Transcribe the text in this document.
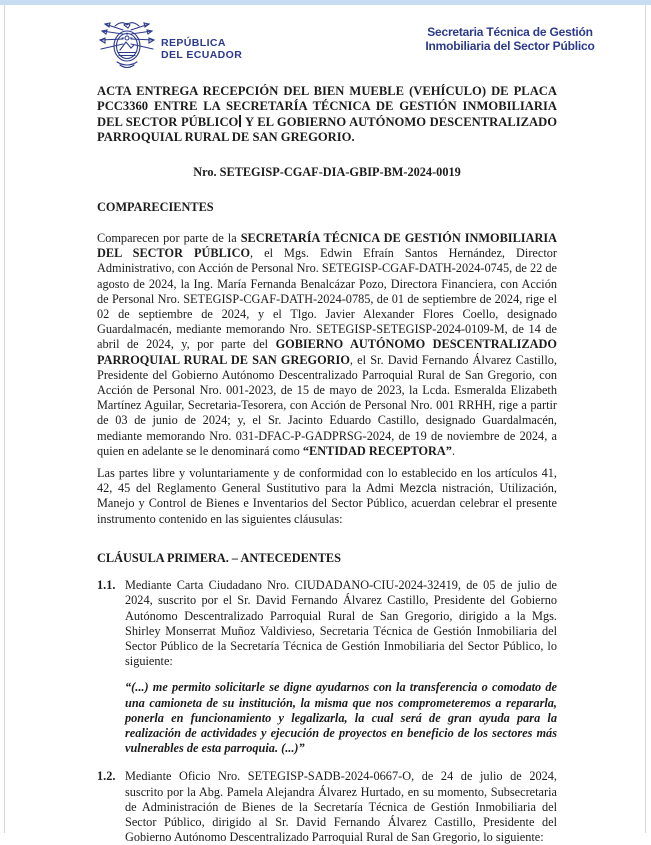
REPÚBLICA
DEL ECUADOR
Secretaria Técnica de Gestión
Inmobiliaria del Sector Público

ACTA ENTREGA RECEPCIÓN DEL BIEN MUEBLE (VEHÍCULO) DE PLACA PCC3360 ENTRE LA SECRETARÍA TÉCNICA DE GESTIÓN INMOBILIARIA DEL SECTOR PÚBLICO Y EL GOBIERNO AUTÓNOMO DESCENTRALIZADO PARROQUIAL RURAL DE SAN GREGORIO.

Nro. SETEGISP-CGAF-DIA-GBIP-BM-2024-0019

COMPARECIENTES

Comparecen por parte de la SECRETARÍA TÉCNICA DE GESTIÓN INMOBILIARIA DEL SECTOR PÚBLICO, el Mgs. Edwin Efraín Santos Hernández, Director Administrativo, con Acción de Personal Nro. SETEGISP-CGAF-DATH-2024-0745, de 22 de agosto de 2024, la Ing. María Fernanda Benalcázar Pozo, Directora Financiera, con Acción de Personal Nro. SETEGISP-CGAF-DATH-2024-0785, de 01 de septiembre de 2024, rige el 02 de septiembre de 2024, y el Tlgo. Javier Alexander Flores Coello, designado Guardalmacén, mediante memorando Nro. SETEGISP-SETEGISP-2024-0109-M, de 14 de abril de 2024, y, por parte del GOBIERNO AUTÓNOMO DESCENTRALIZADO PARROQUIAL RURAL DE SAN GREGORIO, el Sr. David Fernando Álvarez Castillo, Presidente del Gobierno Autónomo Descentralizado Parroquial Rural de San Gregorio, con Acción de Personal Nro. 001-2023, de 15 de mayo de 2023, la Lcda. Esmeralda Elizabeth Martínez Aguilar, Secretaria-Tesorera, con Acción de Personal Nro. 001 RRHH, rige a partir de 03 de junio de 2024; y, el Sr. Jacinto Eduardo Castillo, designado Guardalmacén, mediante memorando Nro. 031-DFAC-P-GADPRSG-2024, de 19 de noviembre de 2024, a quien en adelante se le denominará como “ENTIDAD RECEPTORA”.

Las partes libre y voluntariamente y de conformidad con lo establecido en los artículos 41, 42, 45 del Reglamento General Sustitutivo para la Admi Mezcla nistración, Utilización, Manejo y Control de Bienes e Inventarios del Sector Público, acuerdan celebrar el presente instrumento contenido en las siguientes cláusulas:

CLÁUSULA PRIMERA. – ANTECEDENTES

1.1. Mediante Carta Ciudadano Nro. CIUDADANO-CIU-2024-32419, de 05 de julio de 2024, suscrito por el Sr. David Fernando Álvarez Castillo, Presidente del Gobierno Autónomo Descentralizado Parroquial Rural de San Gregorio, dirigido a la Mgs. Shirley Monserrat Muñoz Valdivieso, Secretaria Técnica de Gestión Inmobiliaria del Sector Público de la Secretaría Técnica de Gestión Inmobiliaria del Sector Público, lo siguiente:

“(...) me permito solicitarle se digne ayudarnos con la transferencia o comodato de una camioneta de su institución, la misma que nos comprometeremos a repararla, ponerla en funcionamiento y legalizarla, la cual será de gran ayuda para la realización de actividades y ejecución de proyectos en beneficio de los sectores más vulnerables de esta parroquia. (...)”

1.2. Mediante Oficio Nro. SETEGISP-SADB-2024-0667-O, de 24 de julio de 2024, suscrito por la Abg. Pamela Alejandra Álvarez Hurtado, en su momento, Subsecretaria de Administración de Bienes de la Secretaría Técnica de Gestión Inmobiliaria del Sector Público, dirigido al Sr. David Fernando Álvarez Castillo, Presidente del Gobierno Autónomo Descentralizado Parroquial Rural de San Gregorio, lo siguiente:
